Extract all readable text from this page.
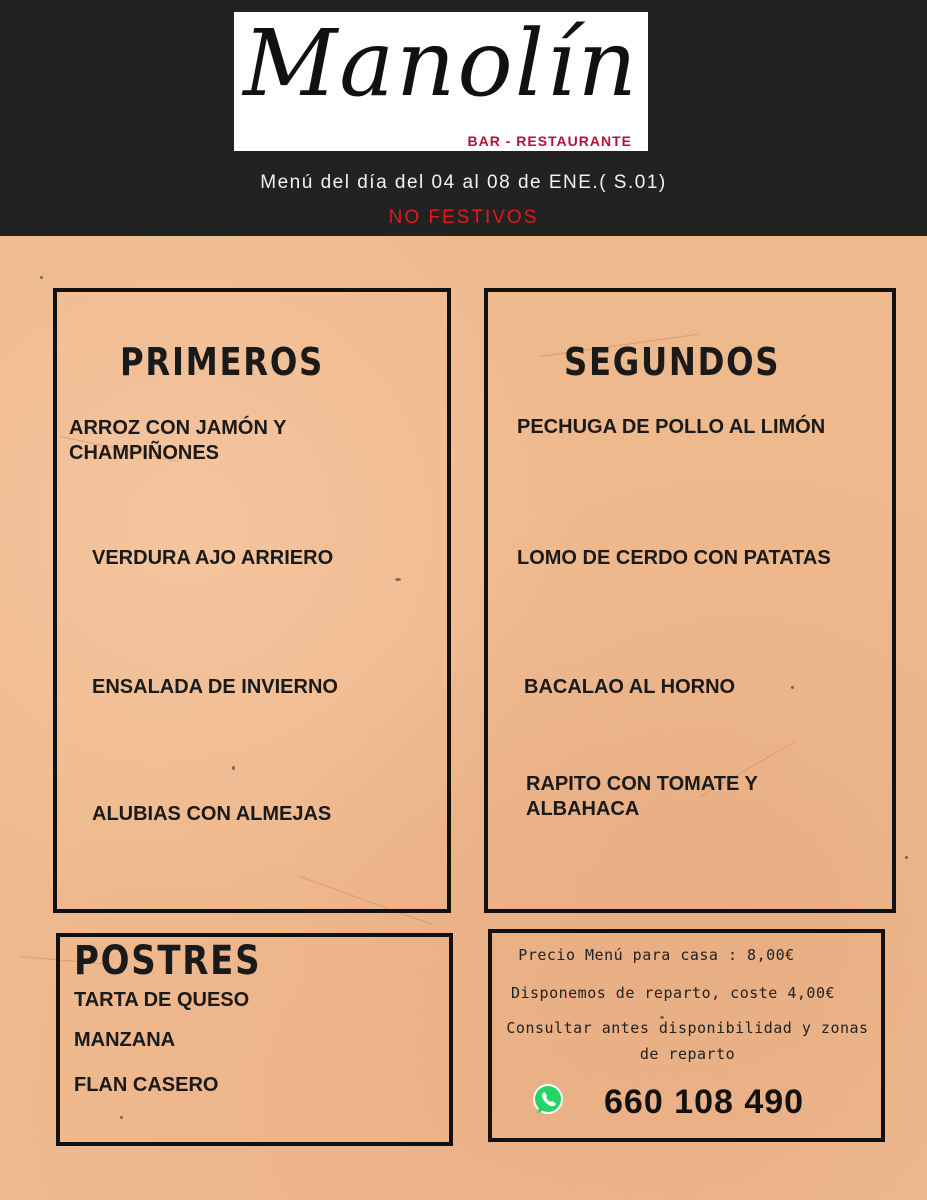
Manolín
BAR - RESTAURANTE
Menú del día del 04 al 08 de ENE.( S.01)
NO FESTIVOS
PRIMEROS
ARROZ CON JAMÓN Y
CHAMPIÑONES
VERDURA AJO ARRIERO
ENSALADA DE INVIERNO
ALUBIAS CON ALMEJAS
SEGUNDOS
PECHUGA DE POLLO AL LIMÓN
LOMO DE CERDO CON PATATAS
BACALAO AL HORNO
RAPITO CON TOMATE Y
ALBAHACA
POSTRES
TARTA DE QUESO
MANZANA
FLAN CASERO
Precio Menú para casa : 8,00€
Disponemos de reparto, coste 4,00€
Consultar antes disponibilidad y zonas
de reparto
660 108 490
